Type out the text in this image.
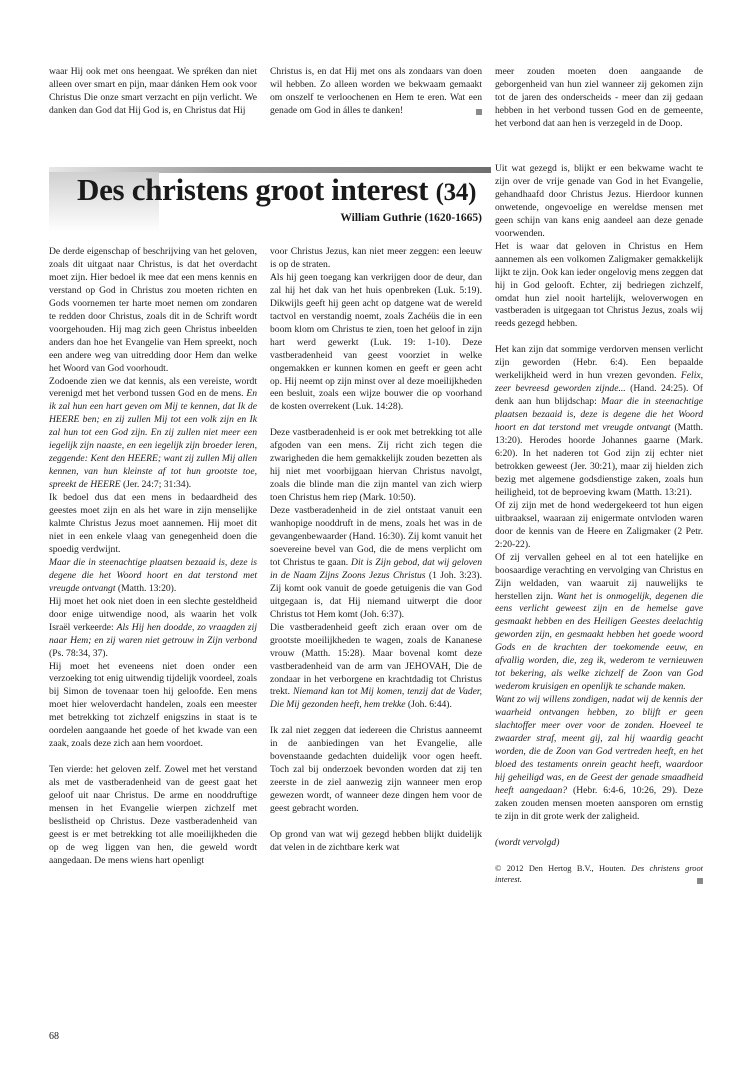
waar Hij ook met ons heengaat. We spréken dan niet alleen over smart en pijn, maar dánken Hem ook voor Christus Die onze smart verzacht en pijn verlicht. We danken dan God dat Hij God is, en Christus dat Hij

Christus is, en dat Hij met ons als zondaars van doen wil hebben. Zo alleen worden we bekwaam gemaakt om onszelf te verloochenen en Hem te eren. Wat een genade om God in álles te danken!

meer zouden moeten doen aangaande de geborgenheid van hun ziel wanneer zij gekomen zijn tot de jaren des onderscheids - meer dan zij gedaan hebben in het verbond tussen God en de gemeente, het verbond dat aan hen is verzegeld in de Doop.

Des christens groot interest (34)
William Guthrie (1620-1665)

De derde eigenschap of beschrijving van het geloven, zoals dit uitgaat naar Christus, is dat het overdacht moet zijn. Hier bedoel ik mee dat een mens kennis en verstand op God in Christus zou moeten richten en Gods voornemen ter harte moet nemen om zondaren te redden door Christus, zoals dit in de Schrift wordt voorgehouden. Hij mag zich geen Christus inbeelden anders dan hoe het Evangelie van Hem spreekt, noch een andere weg van uitredding door Hem dan welke het Woord van God voorhoudt.

Zodoende zien we dat kennis, als een vereiste, wordt verenigd met het verbond tussen God en de mens. En ik zal hun een hart geven om Mij te kennen, dat Ik de HEERE ben; en zij zullen Mij tot een volk zijn en Ik zal hun tot een God zijn. En zij zullen niet meer een iegelijk zijn naaste, en een iegelijk zijn broeder leren, zeggende: Kent den HEERE; want zij zullen Mij allen kennen, van hun kleinste af tot hun grootste toe, spreekt de HEERE (Jer. 24:7; 31:34).

Ik bedoel dus dat een mens in bedaardheid des geestes moet zijn en als het ware in zijn menselijke kalmte Christus Jezus moet aannemen. Hij moet dit niet in een enkele vlaag van genegenheid doen die spoedig verdwijnt.

Maar die in steenachtige plaatsen bezaaid is, deze is degene die het Woord hoort en dat terstond met vreugde ontvangt (Matth. 13:20).

Hij moet het ook niet doen in een slechte gesteldheid door enige uitwendige nood, als waarin het volk Israël verkeerde: Als Hij hen doodde, zo vraagden zij naar Hem; en zij waren niet getrouw in Zijn verbond (Ps. 78:34, 37).

Hij moet het eveneens niet doen onder een verzoeking tot enig uitwendig tijdelijk voordeel, zoals bij Simon de tovenaar toen hij geloofde. Een mens moet hier weloverdacht handelen, zoals een meester met betrekking tot zichzelf enigszins in staat is te oordelen aangaande het goede of het kwade van een zaak, zoals deze zich aan hem voordoet.

Ten vierde: het geloven zelf. Zowel met het verstand als met de vastberadenheid van de geest gaat het geloof uit naar Christus. De arme en nooddruftige mensen in het Evangelie wierpen zichzelf met beslistheid op Christus. Deze vastberadenheid van geest is er met betrekking tot alle moeilijkheden die op de weg liggen van hen, die geweld wordt aangedaan. De mens wiens hart openligt

voor Christus Jezus, kan niet meer zeggen: een leeuw is op de straten.

Als hij geen toegang kan verkrijgen door de deur, dan zal hij het dak van het huis openbreken (Luk. 5:19). Dikwijls geeft hij geen acht op datgene wat de wereld tactvol en verstandig noemt, zoals Zachéüs die in een boom klom om Christus te zien, toen het geloof in zijn hart werd gewerkt (Luk. 19: 1-10). Deze vastberadenheid van geest voorziet in welke ongemakken er kunnen komen en geeft er geen acht op. Hij neemt op zijn minst over al deze moeilijkheden een besluit, zoals een wijze bouwer die op voorhand de kosten overrekent (Luk. 14:28).

Deze vastberadenheid is er ook met betrekking tot alle afgoden van een mens. Zij richt zich tegen die zwarigheden die hem gemakkelijk zouden bezetten als hij niet met voorbijgaan hiervan Christus navolgt, zoals die blinde man die zijn mantel van zich wierp toen Christus hem riep (Mark. 10:50).

Deze vastberadenheid in de ziel ontstaat vanuit een wanhopige nooddruft in de mens, zoals het was in de gevangenbewaarder (Hand. 16:30). Zij komt vanuit het soevereine bevel van God, die de mens verplicht om tot Christus te gaan. Dit is Zijn gebod, dat wij geloven in de Naam Zijns Zoons Jezus Christus (1 Joh. 3:23). Zij komt ook vanuit de goede getuigenis die van God uitgegaan is, dat Hij niemand uitwerpt die door Christus tot Hem komt (Joh. 6:37).

Die vastberadenheid geeft zich eraan over om de grootste moeilijkheden te wagen, zoals de Kananese vrouw (Matth. 15:28). Maar bovenal komt deze vastberadenheid van de arm van JEHOVAH, Die de zondaar in het verborgene en krachtdadig tot Christus trekt. Niemand kan tot Mij komen, tenzij dat de Vader, Die Mij gezonden heeft, hem trekke (Joh. 6:44).

Ik zal niet zeggen dat iedereen die Christus aanneemt in de aanbiedingen van het Evangelie, alle bovenstaande gedachten duidelijk voor ogen heeft. Toch zal bij onderzoek bevonden worden dat zij ten zeerste in de ziel aanwezig zijn wanneer men erop gewezen wordt, of wanneer deze dingen hem voor de geest gebracht worden.

Op grond van wat wij gezegd hebben blijkt duidelijk dat velen in de zichtbare kerk wat

Uit wat gezegd is, blijkt er een bekwame wacht te zijn over de vrije genade van God in het Evangelie, gehandhaafd door Christus Jezus. Hierdoor kunnen onwetende, ongevoelige en wereldse mensen met geen schijn van kans enig aandeel aan deze genade voorwenden.

Het is waar dat geloven in Christus en Hem aannemen als een volkomen Zaligmaker gemakkelijk lijkt te zijn. Ook kan ieder ongelovig mens zeggen dat hij in God gelooft. Echter, zij bedriegen zichzelf, omdat hun ziel nooit hartelijk, weloverwogen en vastberaden is uitgegaan tot Christus Jezus, zoals wij reeds gezegd hebben.

Het kan zijn dat sommige verdorven mensen verlicht zijn geworden (Hebr. 6:4). Een bepaalde werkelijkheid werd in hun vrezen gevonden. Felix, zeer bevreesd geworden zijnde... (Hand. 24:25). Of denk aan hun blijdschap: Maar die in steenachtige plaatsen bezaaid is, deze is degene die het Woord hoort en dat terstond met vreugde ontvangt (Matth. 13:20). Herodes hoorde Johannes gaarne (Mark. 6:20). In het naderen tot God zijn zij echter niet betrokken geweest (Jer. 30:21), maar zij hielden zich bezig met algemene godsdienstige zaken, zoals hun heiligheid, tot de beproeving kwam (Matth. 13:21).

Of zij zijn met de hond wedergekeerd tot hun eigen uitbraaksel, waaraan zij enigermate ontvloden waren door de kennis van de Heere en Zaligmaker (2 Petr. 2:20-22).

Of zij vervallen geheel en al tot een hatelijke en boosaardige verachting en vervolging van Christus en Zijn weldaden, van waaruit zij nauwelijks te herstellen zijn. Want het is onmogelijk, degenen die eens verlicht geweest zijn en de hemelse gave gesmaakt hebben en des Heiligen Geestes deelachtig geworden zijn, en gesmaakt hebben het goede woord Gods en de krachten der toekomende eeuw, en afvallig worden, die, zeg ik, wederom te vernieuwen tot bekering, als welke zichzelf de Zoon van God wederom kruisigen en openlijk te schande maken.

Want zo wij willens zondigen, nadat wij de kennis der waarheid ontvangen hebben, zo blijft er geen slachtoffer meer over voor de zonden. Hoeveel te zwaarder straf, meent gij, zal hij waardig geacht worden, die de Zoon van God vertreden heeft, en het bloed des testaments onrein geacht heeft, waardoor hij geheiligd was, en de Geest der genade smaadheid heeft aangedaan? (Hebr. 6:4-6, 10:26, 29). Deze zaken zouden mensen moeten aansporen om ernstig te zijn in dit grote werk der zaligheid.

(wordt vervolgd)

© 2012 Den Hertog B.V., Houten. Des christens groot interest.

68
